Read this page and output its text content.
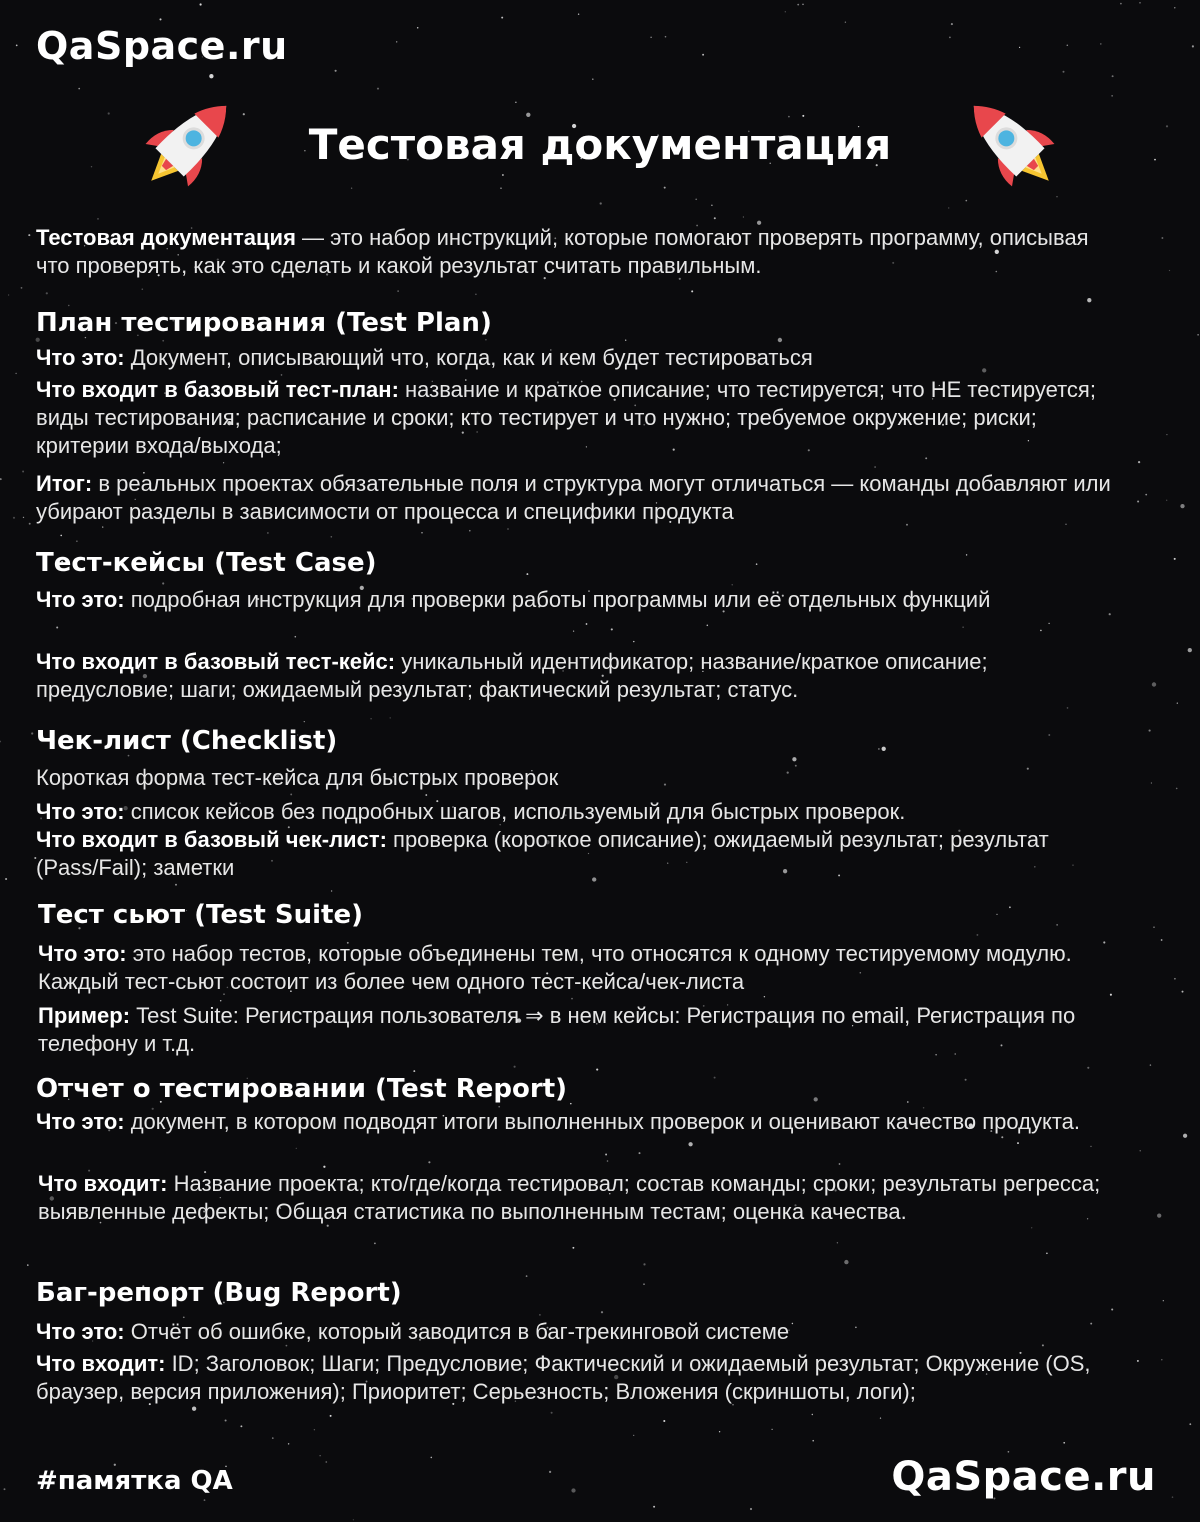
QaSpace.ru
Тестовая документация
Тестовая документация — это набор инструкций, которые помогают проверять программу, описывая что проверять, как это сделать и какой результат считать правильным.
План тестирования (Test Plan)
Что это: Документ, описывающий что, когда, как и кем будет тестироваться
Что входит в базовый тест-план: название и краткое описание; что тестируется; что НЕ тестируется; виды тестирования; расписание и сроки; кто тестирует и что нужно; требуемое окружение; риски; критерии входа/выхода;
Итог: в реальных проектах обязательные поля и структура могут отличаться — команды добавляют или убирают разделы в зависимости от процесса и специфики продукта
Тест-кейсы (Test Case)
Что это: подробная инструкция для проверки работы программы или её отдельных функций
Что входит в базовый тест-кейс: уникальный идентификатор; название/краткое описание; предусловие; шаги; ожидаемый результат; фактический результат; статус.
Чек-лист (Checklist)
Короткая форма тест-кейса для быстрых проверок
Что это: список кейсов без подробных шагов, используемый для быстрых проверок.
Что входит в базовый чек-лист: проверка (короткое описание); ожидаемый результат; результат (Pass/Fail); заметки
Тест сьют (Test Suite)
Что это: это набор тестов, которые объединены тем, что относятся к одному тестируемому модулю. Каждый тест-сьют состоит из более чем одного тест-кейса/чек-листа
Пример: Test Suite: Регистрация пользователя ⇒ в нем кейсы: Регистрация по email, Регистрация по телефону и т.д.
Отчет о тестировании (Test Report)
Что это: документ, в котором подводят итоги выполненных проверок и оценивают качество продукта.
Что входит: Название проекта; кто/где/когда тестировал; состав команды; сроки; результаты регресса; выявленные дефекты; Общая статистика по выполненным тестам; оценка качества.
Баг-репорт (Bug Report)
Что это: Отчёт об ошибке, который заводится в баг-трекинговой системе
Что входит: ID; Заголовок; Шаги; Предусловие; Фактический и ожидаемый результат; Окружение (OS, браузер, версия приложения); Приоритет; Серьезность; Вложения (скриншоты, логи);
#памятка QA	QaSpace.ru
